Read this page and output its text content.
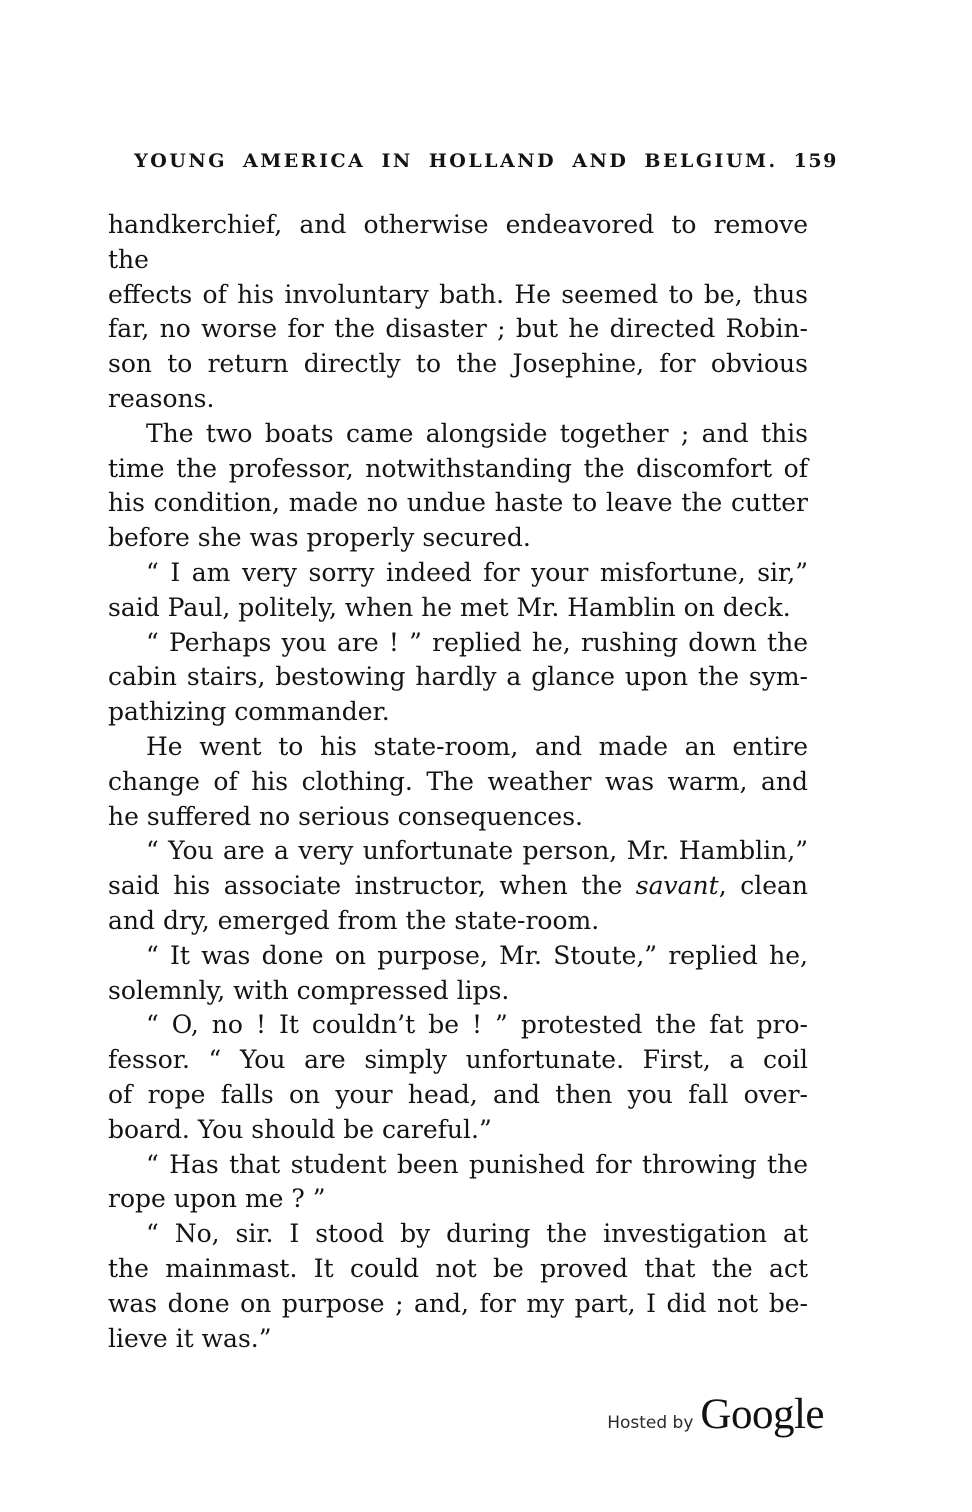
YOUNG AMERICA IN HOLLAND AND BELGIUM. 159

handkerchief, and otherwise endeavored to remove the
effects of his involuntary bath. He seemed to be, thus
far, no worse for the disaster ; but he directed Robin-
son to return directly to the Josephine, for obvious
reasons.

The two boats came alongside together ; and this
time the professor, notwithstanding the discomfort of
his condition, made no undue haste to leave the cutter
before she was properly secured.

“ I am very sorry indeed for your misfortune, sir,”
said Paul, politely, when he met Mr. Hamblin on deck.

“ Perhaps you are ! ” replied he, rushing down the
cabin stairs, bestowing hardly a glance upon the sym-
pathizing commander.

He went to his state-room, and made an entire
change of his clothing. The weather was warm, and
he suffered no serious consequences.

“ You are a very unfortunate person, Mr. Hamblin,”
said his associate instructor, when the savant, clean
and dry, emerged from the state-room.

“ It was done on purpose, Mr. Stoute,” replied he,
solemnly, with compressed lips.

“ O, no ! It couldn’t be ! ” protested the fat pro-
fessor. “ You are simply unfortunate. First, a coil
of rope falls on your head, and then you fall over-
board. You should be careful.”

“ Has that student been punished for throwing the
rope upon me ? ”

“ No, sir. I stood by during the investigation at
the mainmast. It could not be proved that the act
was done on purpose ; and, for my part, I did not be-
lieve it was.”

Hosted by Google
